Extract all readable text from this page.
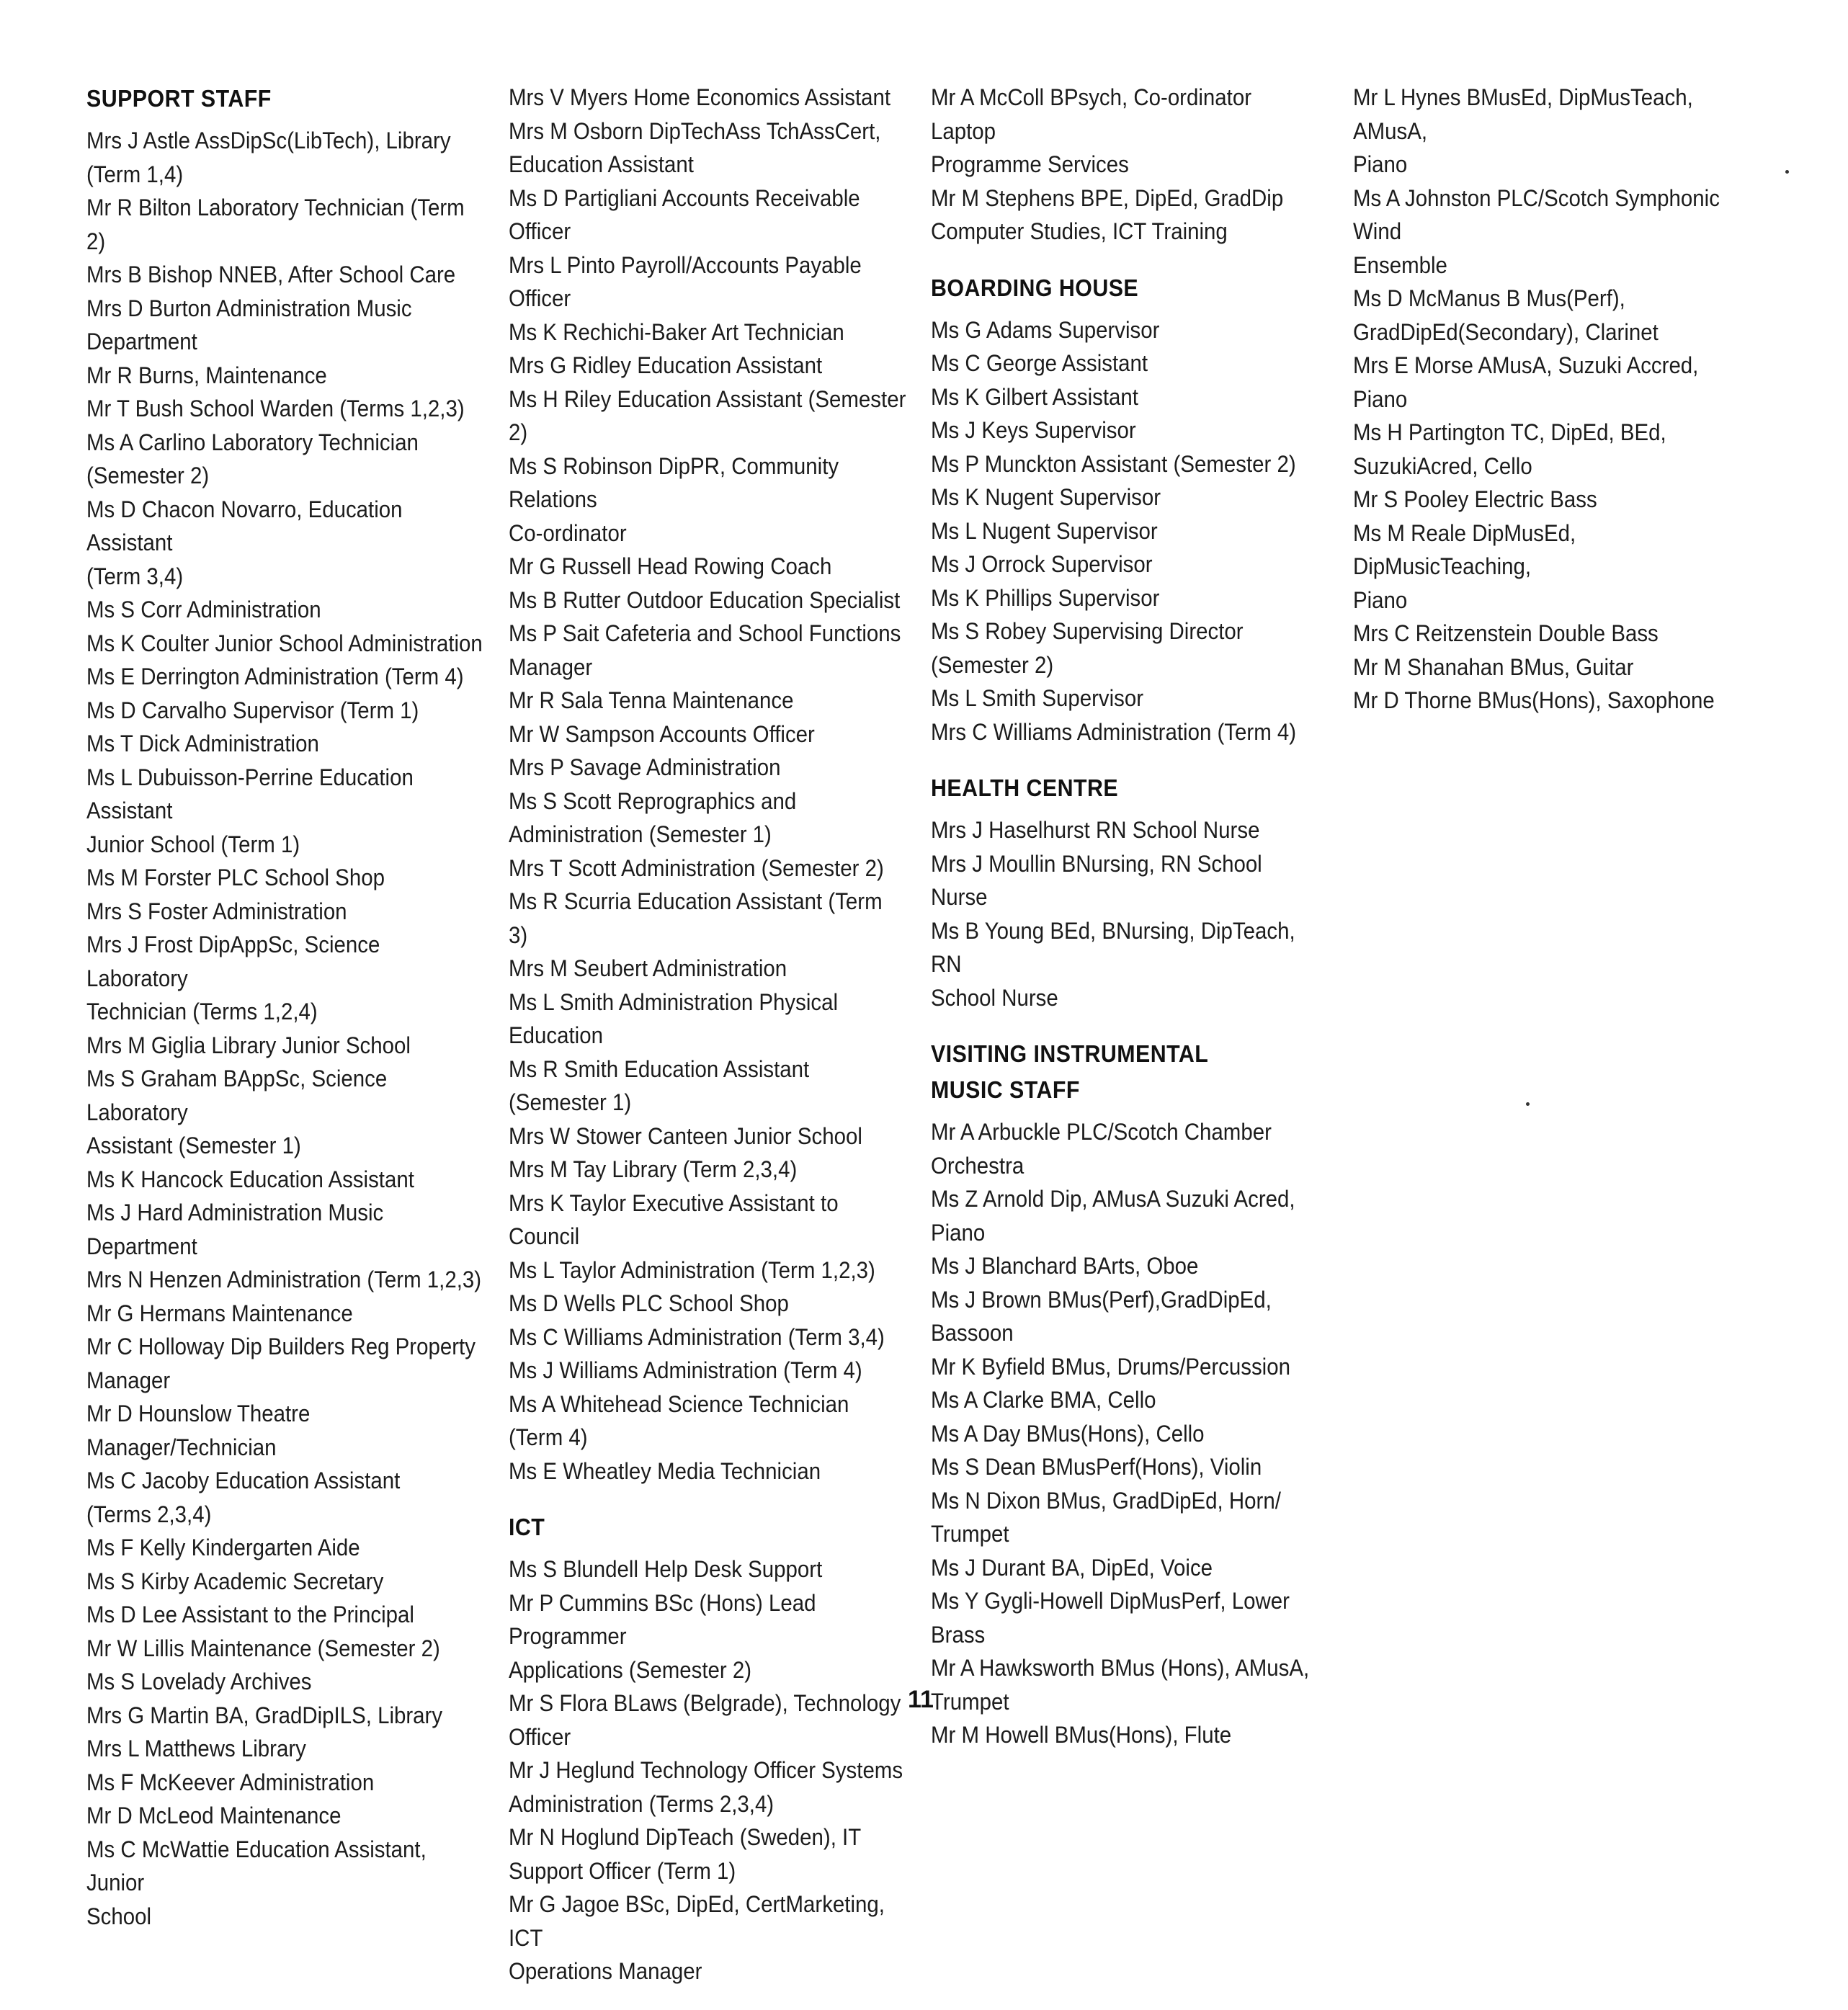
SUPPORT STAFF
Mrs J Astle AssDipSc(LibTech), Library
(Term 1,4)
Mr R Bilton Laboratory Technician (Term 2)
Mrs B Bishop NNEB, After School Care
Mrs D Burton Administration Music
Department
Mr R Burns, Maintenance
Mr T Bush School Warden (Terms 1,2,3)
Ms A Carlino Laboratory Technician
(Semester 2)
Ms D Chacon Novarro, Education Assistant
(Term 3,4)
Ms S Corr Administration
Ms K Coulter Junior School Administration
Ms E Derrington Administration (Term 4)
Ms D Carvalho Supervisor (Term 1)
Ms T Dick Administration
Ms L Dubuisson-Perrine Education Assistant
Junior School (Term 1)
Ms M Forster PLC School Shop
Mrs S Foster Administration
Mrs J Frost DipAppSc, Science Laboratory
Technician (Terms 1,2,4)
Mrs M Giglia Library Junior School
Ms S Graham BAppSc, Science Laboratory
Assistant (Semester 1)
Ms K Hancock Education Assistant
Ms J Hard Administration Music Department
Mrs N Henzen Administration (Term 1,2,3)
Mr G Hermans Maintenance
Mr C Holloway Dip Builders Reg Property
Manager
Mr D Hounslow Theatre Manager/Technician
Ms C Jacoby Education Assistant
(Terms 2,3,4)
Ms F Kelly Kindergarten Aide
Ms S Kirby Academic Secretary
Ms D Lee Assistant to the Principal
Mr W Lillis Maintenance (Semester 2)
Ms S Lovelady Archives
Mrs G Martin BA, GradDipILS, Library
Mrs L Matthews Library
Ms F McKeever Administration
Mr D McLeod Maintenance
Ms C McWattie Education Assistant, Junior
School
Mrs V Myers Home Economics Assistant
Mrs M Osborn DipTechAss TchAssCert,
Education Assistant
Ms D Partigliani Accounts Receivable Officer
Mrs L Pinto Payroll/Accounts Payable Officer
Ms K Rechichi-Baker Art Technician
Mrs G Ridley Education Assistant
Ms H Riley Education Assistant (Semester 2)
Ms S Robinson DipPR, Community Relations
Co-ordinator
Mr G Russell Head Rowing Coach
Ms B Rutter Outdoor Education Specialist
Ms P Sait Cafeteria and School Functions
Manager
Mr R Sala Tenna Maintenance
Mr W Sampson Accounts Officer
Mrs P Savage Administration
Ms S Scott Reprographics and
Administration (Semester 1)
Mrs T Scott Administration (Semester 2)
Ms R Scurria Education Assistant (Term 3)
Mrs M Seubert Administration
Ms L Smith Administration Physical
Education
Ms R Smith Education Assistant
(Semester 1)
Mrs W Stower Canteen Junior School
Mrs M Tay Library (Term 2,3,4)
Mrs K Taylor Executive Assistant to Council
Ms L Taylor Administration (Term 1,2,3)
Ms D Wells PLC School Shop
Ms C Williams Administration (Term 3,4)
Ms J Williams Administration (Term 4)
Ms A Whitehead Science Technician (Term 4)
Ms E Wheatley Media Technician
ICT
Ms S Blundell Help Desk Support
Mr P Cummins BSc (Hons) Lead Programmer
Applications (Semester 2)
Mr S Flora BLaws (Belgrade), Technology
Officer
Mr J Heglund Technology Officer Systems
Administration (Terms 2,3,4)
Mr N Hoglund DipTeach (Sweden), IT
Support Officer (Term 1)
Mr G Jagoe BSc, DipEd, CertMarketing, ICT
Operations Manager
Mr A McColl BPsych, Co-ordinator Laptop
Programme Services
Mr M Stephens BPE, DipEd, GradDip
Computer Studies, ICT Training
BOARDING HOUSE
Ms G Adams Supervisor
Ms C George Assistant
Ms K Gilbert Assistant
Ms J Keys Supervisor
Ms P Munckton Assistant (Semester 2)
Ms K Nugent Supervisor
Ms L Nugent Supervisor
Ms J Orrock Supervisor
Ms K Phillips Supervisor
Ms S Robey Supervising Director
(Semester 2)
Ms L Smith Supervisor
Mrs C Williams Administration (Term 4)
HEALTH CENTRE
Mrs J Haselhurst RN School Nurse
Mrs J Moullin BNursing, RN School Nurse
Ms B Young BEd, BNursing, DipTeach, RN
School Nurse
VISITING INSTRUMENTAL MUSIC STAFF
Mr A Arbuckle PLC/Scotch Chamber
Orchestra
Ms Z Arnold Dip, AMusA Suzuki Acred,
Piano
Ms J Blanchard BArts, Oboe
Ms J Brown BMus(Perf),GradDipEd, Bassoon
Mr K Byfield BMus, Drums/Percussion
Ms A Clarke BMA, Cello
Ms A Day BMus(Hons), Cello
Ms S Dean BMusPerf(Hons), Violin
Ms N Dixon BMus, GradDipEd, Horn/
Trumpet
Ms J Durant BA, DipEd, Voice
Ms Y Gygli-Howell DipMusPerf, Lower Brass
Mr A Hawksworth BMus (Hons), AMusA,
Trumpet
Mr M Howell BMus(Hons), Flute
Mr L Hynes BMusEd, DipMusTeach, AMusA,
Piano
Ms A Johnston PLC/Scotch Symphonic Wind
Ensemble
Ms D McManus B Mus(Perf),
GradDipEd(Secondary), Clarinet
Mrs E Morse AMusA, Suzuki Accred, Piano
Ms H Partington TC, DipEd, BEd,
SuzukiAcred, Cello
Mr S Pooley Electric Bass
Ms M Reale DipMusEd, DipMusicTeaching,
Piano
Mrs C Reitzenstein Double Bass
Mr M Shanahan BMus, Guitar
Mr D Thorne BMus(Hons), Saxophone
11
